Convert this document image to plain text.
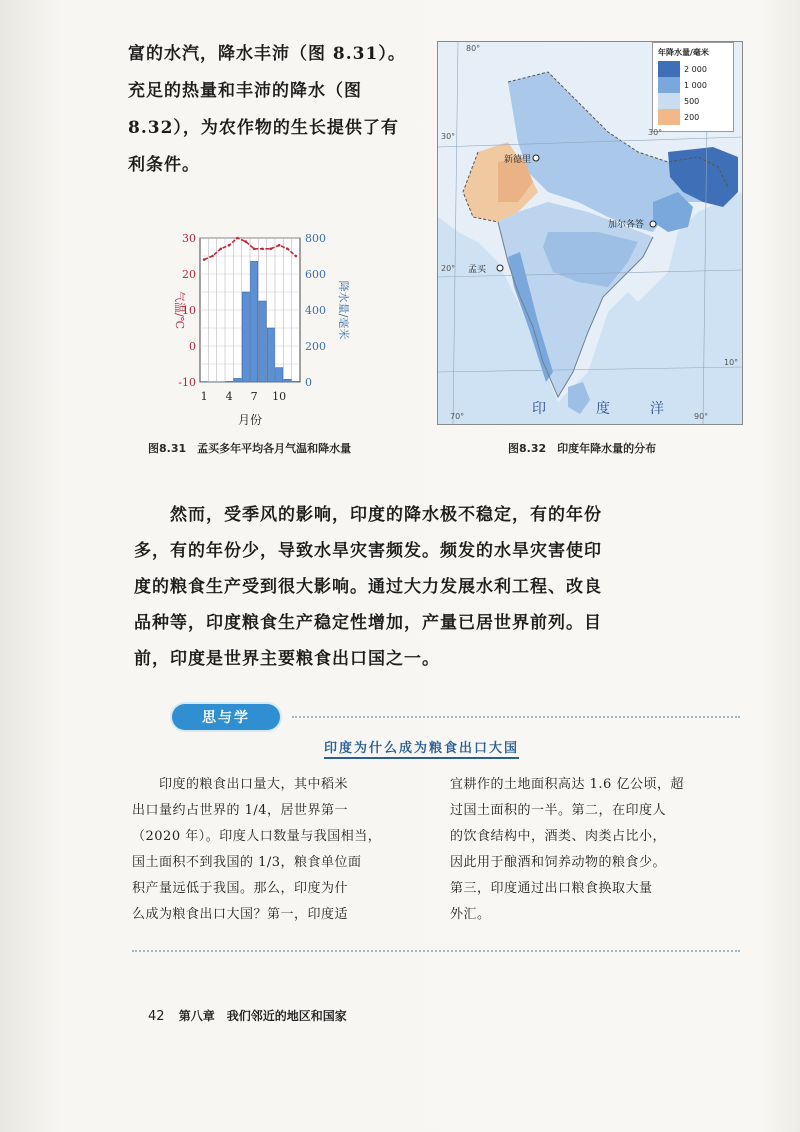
富的水汽，降水丰沛（图 8.31）。

充足的热量和丰沛的降水（图

8.32），为农作物的生长提供了有

利条件。

-10
0
10
20
30
0
200
400
600
800
1 4 7 10
月份
气温/℃	降水量/毫米
图8.31　孟买多年平均各月气温和降水量
年降水量/毫米
2 000
1 000
500
200
新德里
加尔各答
孟买
印	度	洋
80°
30°	30°
20°
10°
70°	90°
图8.32　印度年降水量的分布

然而，受季风的影响，印度的降水极不稳定，有的年份

多，有的年份少，导致水旱灾害频发。频发的水旱灾害使印

度的粮食生产受到很大影响。通过大力发展水利工程、改良

品种等，印度粮食生产稳定性增加，产量已居世界前列。目

前，印度是世界主要粮食出口国之一。

思与学
印度为什么成为粮食出口大国
　　印度的粮食出口量大，其中稻米
出口量约占世界的 1/4，居世界第一
（2020 年）。印度人口数量与我国相当，
国土面积不到我国的 1/3，粮食单位面
积产量远低于我国。那么，印度为什
么成为粮食出口大国？第一，印度适
宜耕作的土地面积高达 1.6 亿公顷，超
过国土面积的一半。第二，在印度人
的饮食结构中，酒类、肉类占比小，
因此用于酿酒和饲养动物的粮食少。
第三，印度通过出口粮食换取大量
外汇。
42 第八章　我们邻近的地区和国家
